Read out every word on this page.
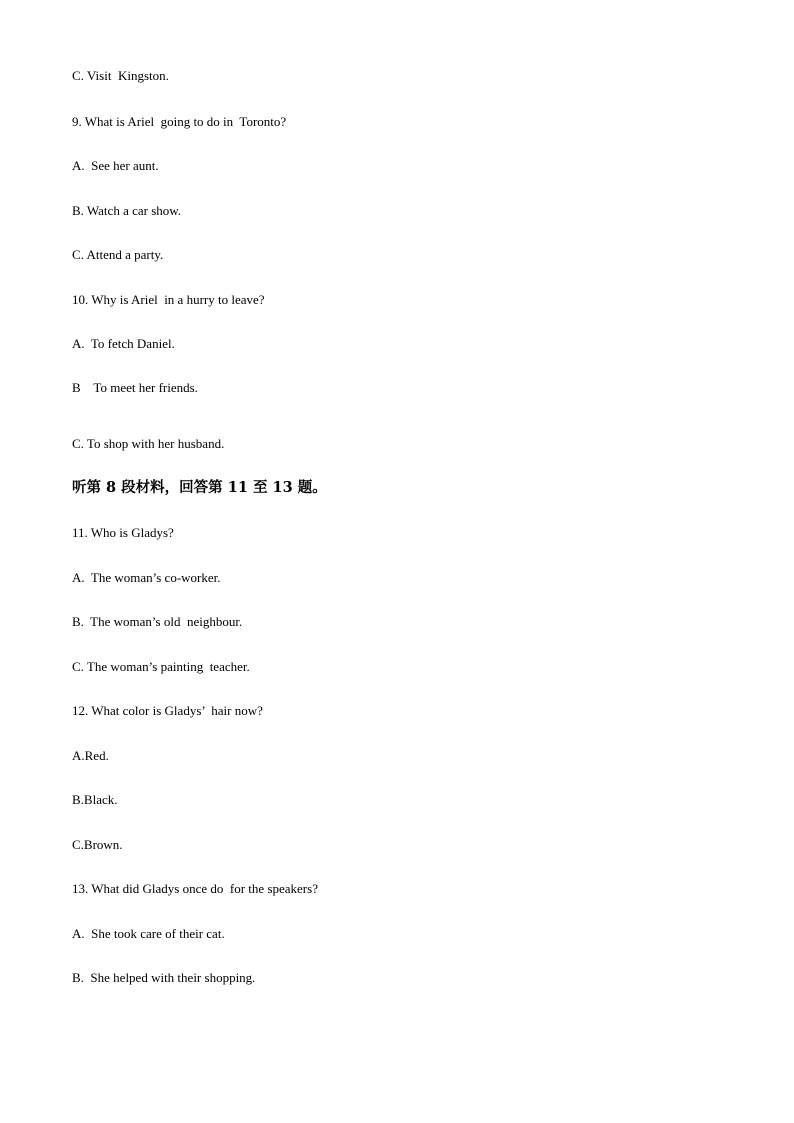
C. Visit  Kingston.
9. What is Ariel  going to do in  Toronto?
A.  See her aunt.
B. Watch a car show.
C. Attend a party.
10. Why is Ariel  in a hurry to leave?
A.  To fetch Daniel.
B    To meet her friends.
C. To shop with her husband.
听第 8 段材料，回答第 11 至 13 题。
11. Who is Gladys?
A.  The woman’s co-worker.
B.  The woman’s old  neighbour.
C. The woman’s painting  teacher.
12. What color is Gladys’  hair now?
A.Red.
B.Black.
C.Brown.
13. What did Gladys once do  for the speakers?
A.  She took care of their cat.
B.  She helped with their shopping.
